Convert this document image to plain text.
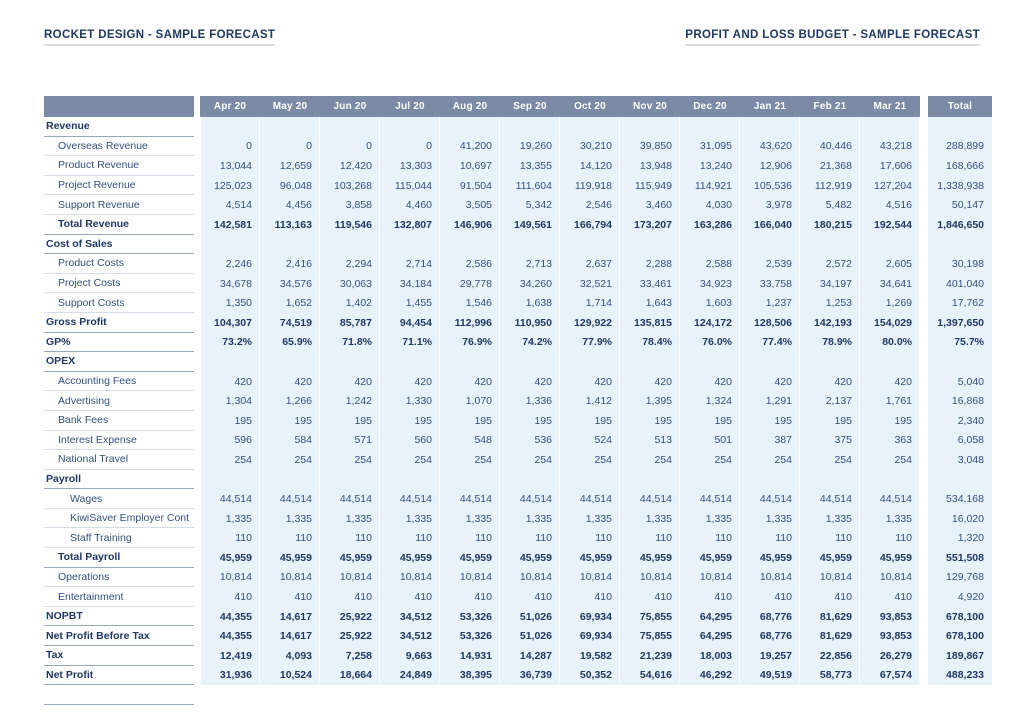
ROCKET DESIGN - SAMPLE FORECAST	PROFIT AND LOSS BUDGET - SAMPLE FORECAST
		Apr 20	May 20	Jun 20	Jul 20	Aug 20	Sep 20	Oct 20	Nov 20	Dec 20	Jan 21	Feb 21	Mar 21		Total
Revenue															
Overseas Revenue		0	0	0	0	41,200	19,260	30,210	39,850	31,095	43,620	40,446	43,218		288,899
Product Revenue		13,044	12,659	12,420	13,303	10,697	13,355	14,120	13,948	13,240	12,906	21,368	17,606		168,666
Project Revenue		125,023	96,048	103,268	115,044	91,504	111,604	119,918	115,949	114,921	105,536	112,919	127,204		1,338,938
Support Revenue		4,514	4,456	3,858	4,460	3,505	5,342	2,546	3,460	4,030	3,978	5,482	4,516		50,147
Total Revenue		142,581	113,163	119,546	132,807	146,906	149,561	166,794	173,207	163,286	166,040	180,215	192,544		1,846,650
Cost of Sales															
Product Costs		2,246	2,416	2,294	2,714	2,586	2,713	2,637	2,288	2,588	2,539	2,572	2,605		30,198
Project Costs		34,678	34,576	30,063	34,184	29,778	34,260	32,521	33,461	34,923	33,758	34,197	34,641		401,040
Support Costs		1,350	1,652	1,402	1,455	1,546	1,638	1,714	1,643	1,603	1,237	1,253	1,269		17,762
Gross Profit		104,307	74,519	85,787	94,454	112,996	110,950	129,922	135,815	124,172	128,506	142,193	154,029		1,397,650
GP%		73.2%	65.9%	71.8%	71.1%	76.9%	74.2%	77.9%	78.4%	76.0%	77.4%	78.9%	80.0%		75.7%
OPEX															
Accounting Fees		420	420	420	420	420	420	420	420	420	420	420	420		5,040
Advertising		1,304	1,266	1,242	1,330	1,070	1,336	1,412	1,395	1,324	1,291	2,137	1,761		16,868
Bank Fees		195	195	195	195	195	195	195	195	195	195	195	195		2,340
Interest Expense		596	584	571	560	548	536	524	513	501	387	375	363		6,058
National Travel		254	254	254	254	254	254	254	254	254	254	254	254		3,048
Payroll															
Wages		44,514	44,514	44,514	44,514	44,514	44,514	44,514	44,514	44,514	44,514	44,514	44,514		534,168
KiwiSaver Employer Cont		1,335	1,335	1,335	1,335	1,335	1,335	1,335	1,335	1,335	1,335	1,335	1,335		16,020
Staff Training		110	110	110	110	110	110	110	110	110	110	110	110		1,320
Total Payroll		45,959	45,959	45,959	45,959	45,959	45,959	45,959	45,959	45,959	45,959	45,959	45,959		551,508
Operations		10,814	10,814	10,814	10,814	10,814	10,814	10,814	10,814	10,814	10,814	10,814	10,814		129,768
Entertainment		410	410	410	410	410	410	410	410	410	410	410	410		4,920
NOPBT		44,355	14,617	25,922	34,512	53,326	51,026	69,934	75,855	64,295	68,776	81,629	93,853		678,100
Net Profit Before Tax		44,355	14,617	25,922	34,512	53,326	51,026	69,934	75,855	64,295	68,776	81,629	93,853		678,100
Tax		12,419	4,093	7,258	9,663	14,931	14,287	19,582	21,239	18,003	19,257	22,856	26,279		189,867
Net Profit		31,936	10,524	18,664	24,849	38,395	36,739	50,352	54,616	46,292	49,519	58,773	67,574		488,233
